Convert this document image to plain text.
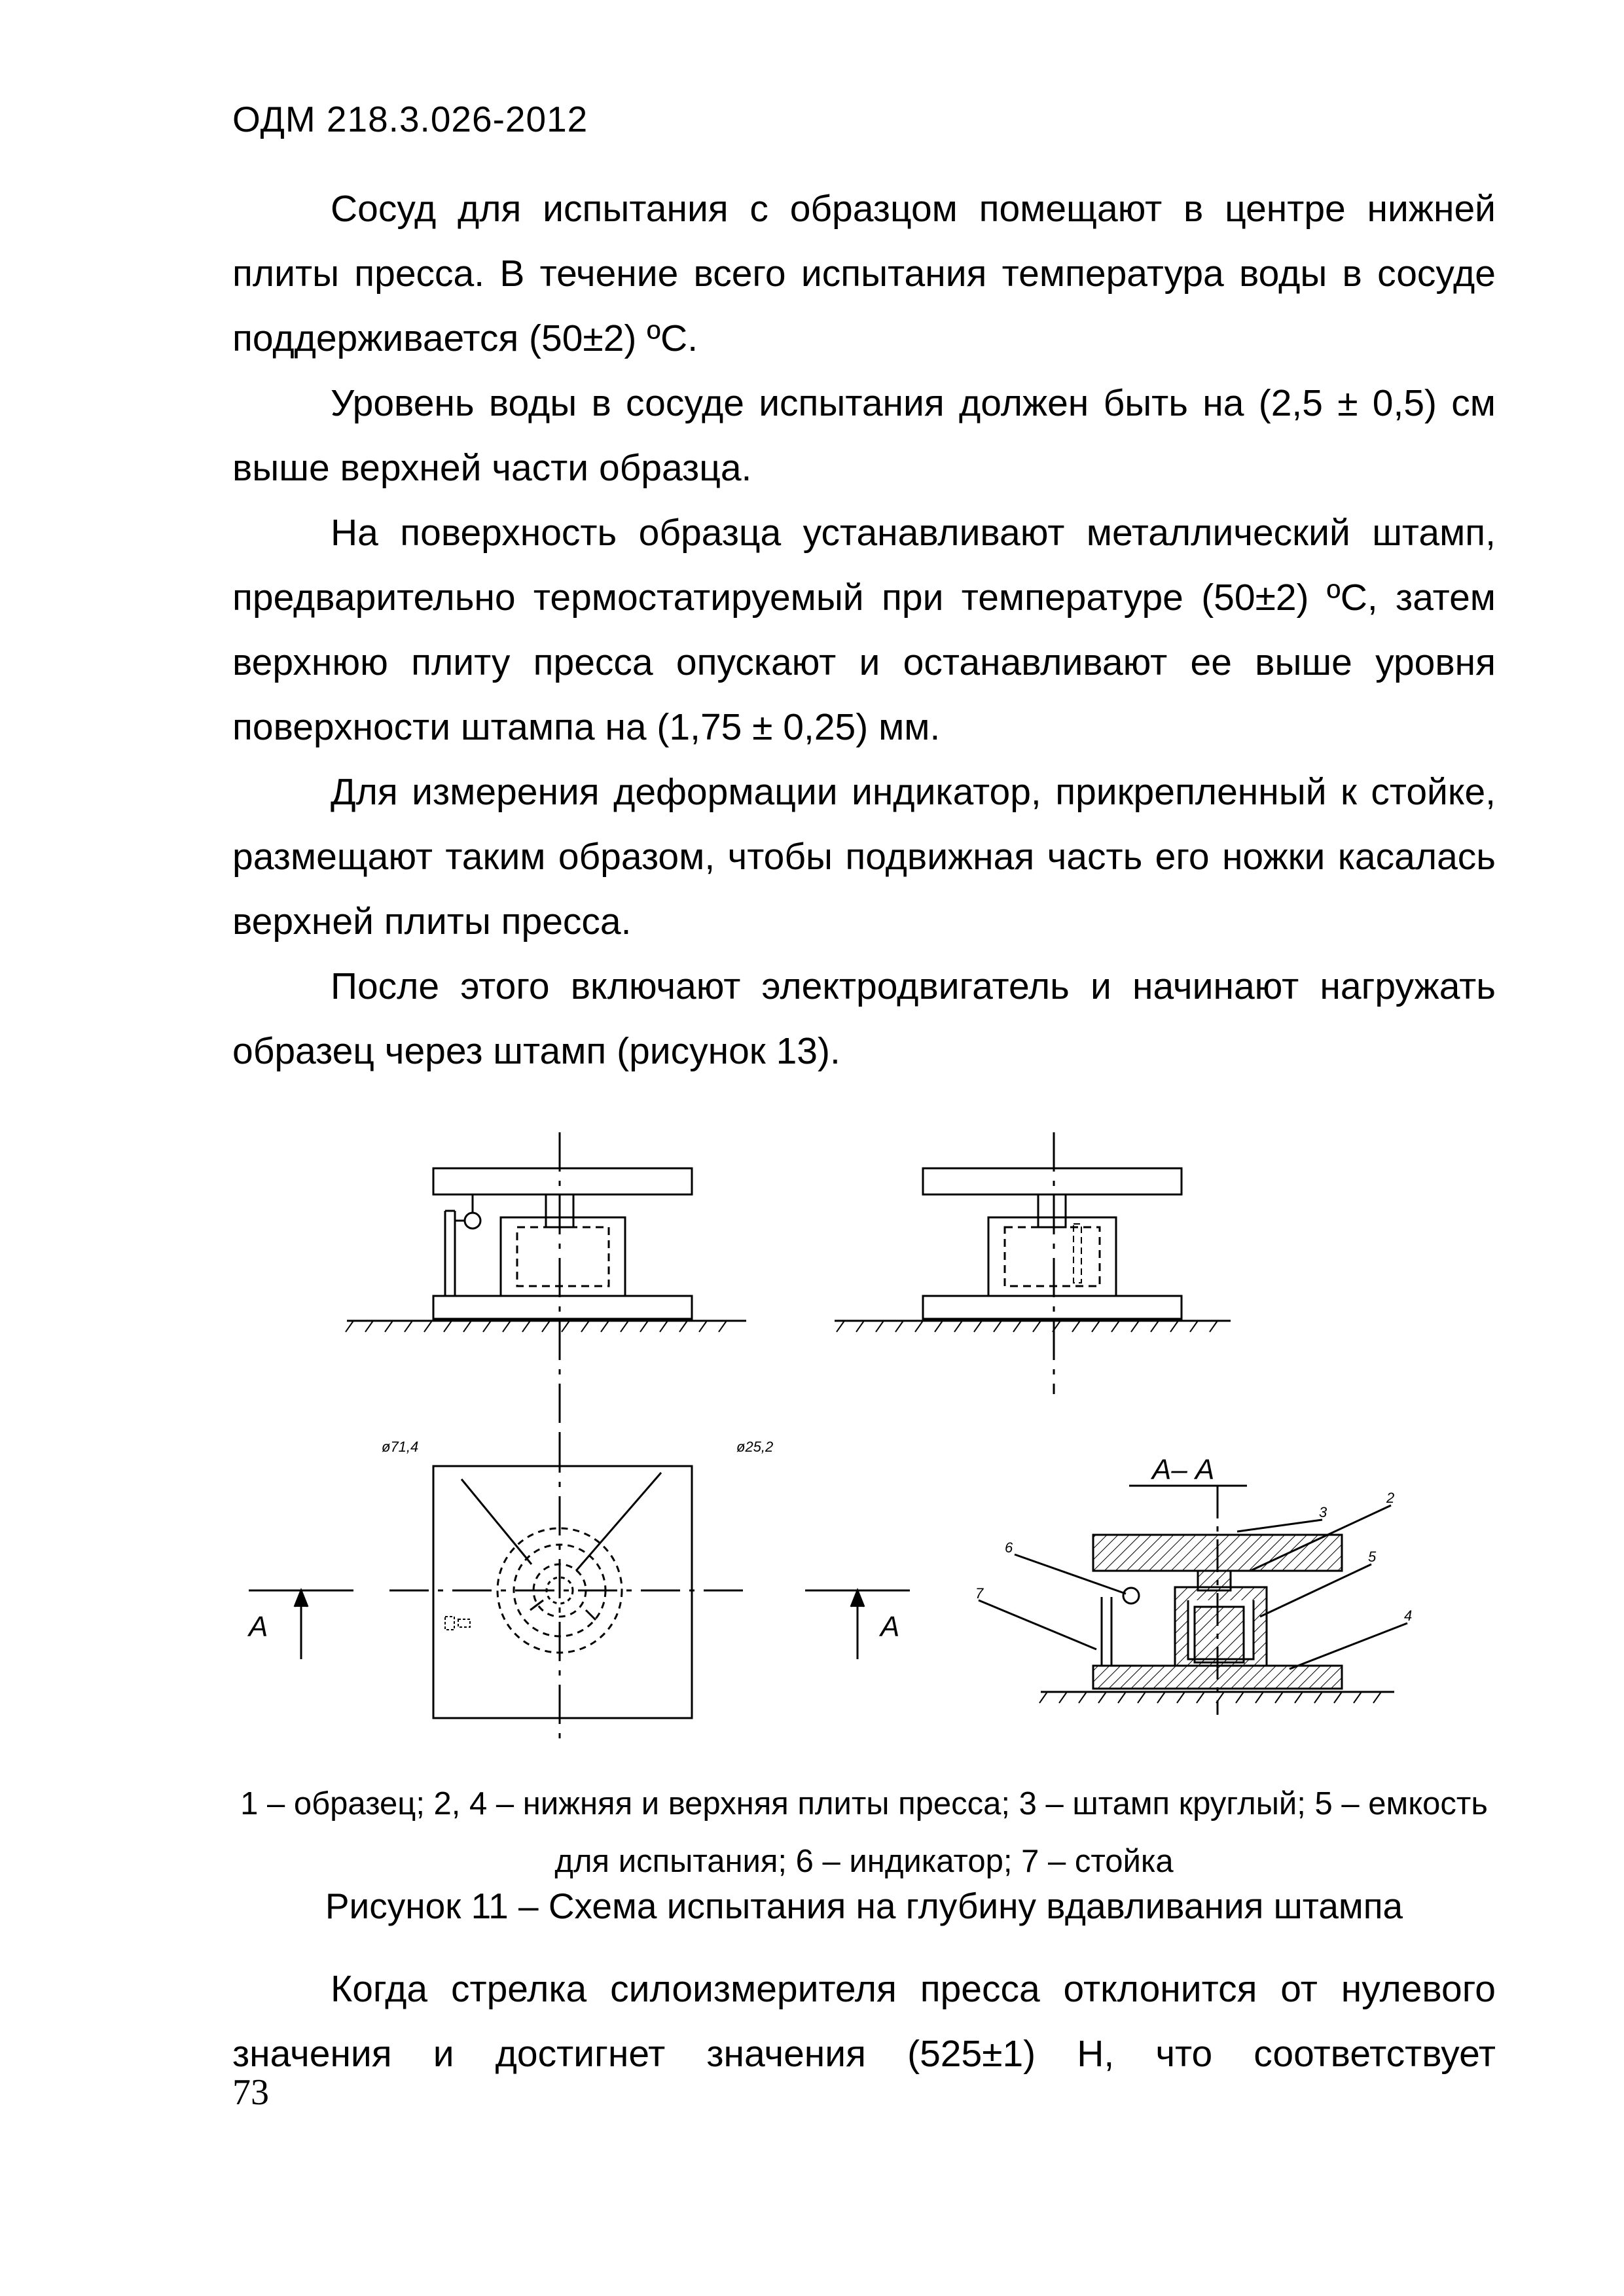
ОДМ 218.3.026-2012

Сосуд для испытания с образцом помещают в центре нижней плиты пресса. В течение всего испытания температура воды в сосуде поддерживается (50±2) ºС.

Уровень воды в сосуде испытания должен быть на (2,5 ± 0,5) см выше верхней части образца.

На поверхность образца устанавливают металлический штамп, предварительно термостатируемый при температуре (50±2) ºС, затем верхнюю плиту пресса опускают и останавливают ее выше уровня поверхности штампа на (1,75 ± 0,25) мм.

Для измерения деформации индикатор, прикрепленный к стойке, размещают таким образом, чтобы подвижная часть его ножки касалась верхней плиты пресса.

После этого включают электродвигатель и начинают нагружать образец через штамп (рисунок 13).

ø71,4	ø25,2
А	А
А– А
2
3
5
4
6
7
1 – образец; 2, 4 – нижняя и верхняя плиты пресса; 3 – штамп круглый; 5 – емкость
для испытания; 6 – индикатор; 7 – стойка
Рисунок 11 – Схема испытания на глубину вдавливания штампа

Когда стрелка силоизмерителя пресса отклонится от нулевого значения и достигнет значения (525±1) Н, что соответствует

73
